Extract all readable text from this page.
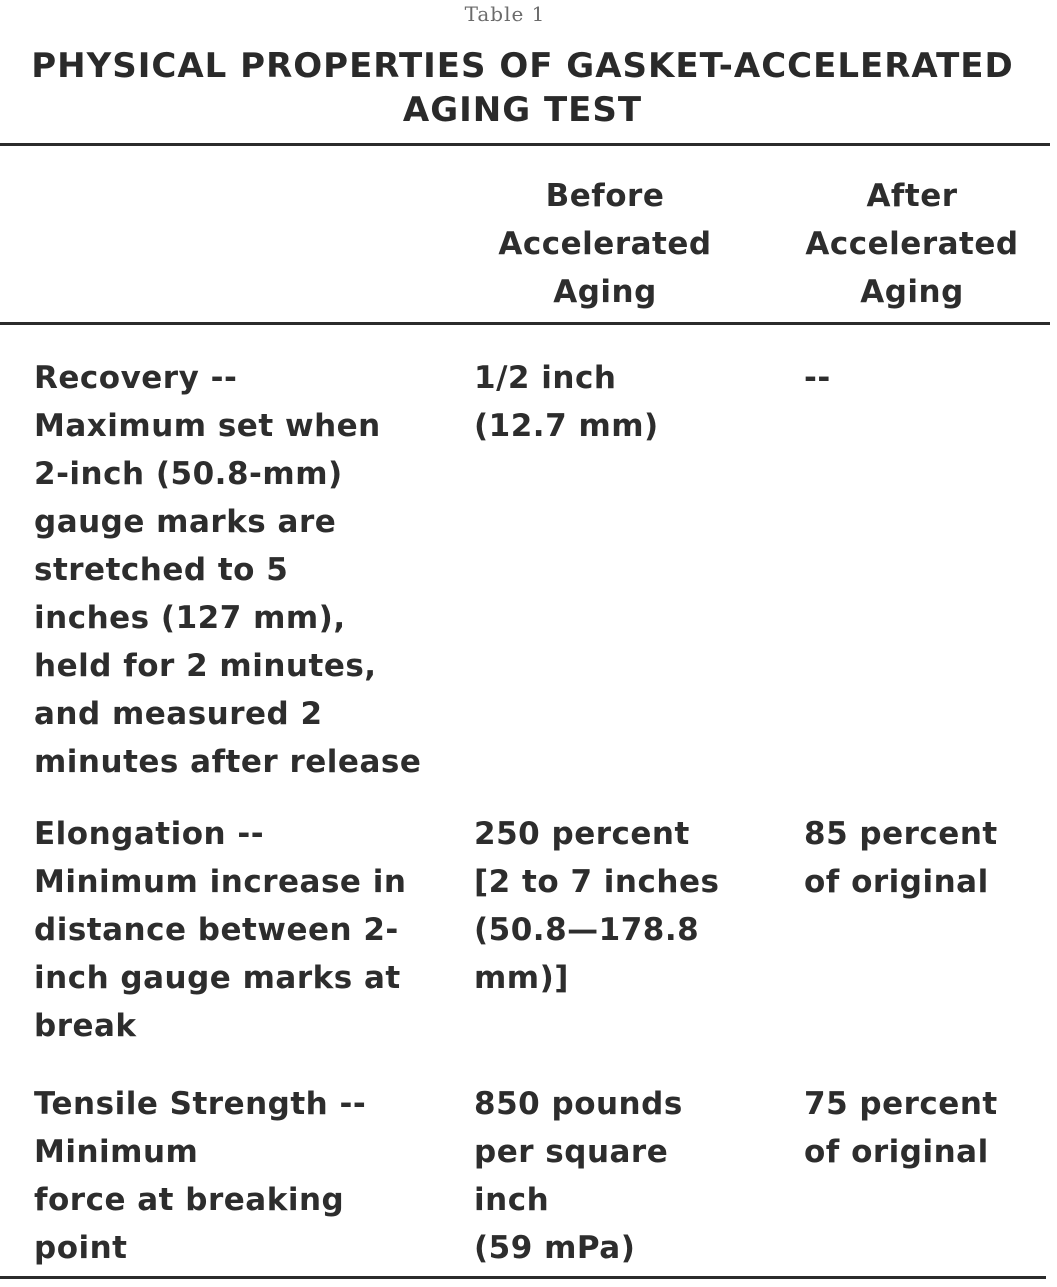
Table 1
PHYSICAL PROPERTIES OF GASKET-ACCELERATED
AGING TEST
Before
Accelerated
Aging
After
Accelerated
Aging
Recovery --
Maximum set when
2-inch (50.8-mm)
gauge marks are
stretched to 5
inches (127 mm),
held for 2 minutes,
and measured 2
minutes after release
1/2 inch
(12.7 mm)
--
Elongation --
Minimum increase in
distance between 2-
inch gauge marks at
break
250 percent
[2 to 7 inches
(50.8—178.8
mm)]
85 percent
of original
Tensile Strength --
Minimum
force at breaking
point
850 pounds
per square
inch
(59 mPa)
75 percent
of original
